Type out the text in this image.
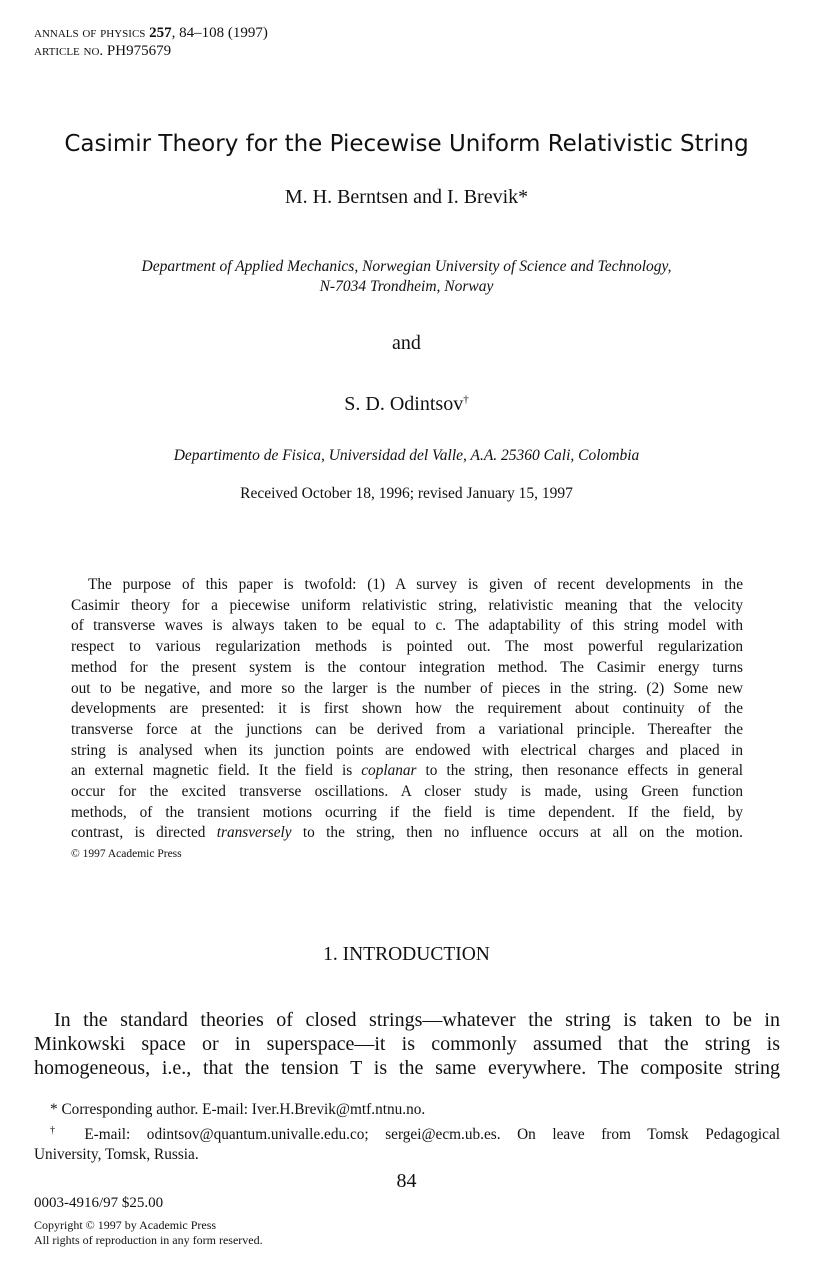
annals of physics 257, 84–108 (1997)
article no. PH975679
Casimir Theory for the Piecewise Uniform Relativistic String
M. H. Berntsen and I. Brevik*
Department of Applied Mechanics, Norwegian University of Science and Technology,
N-7034 Trondheim, Norway
and
S. D. Odintsov†
Departimento de Fisica, Universidad del Valle, A.A. 25360 Cali, Colombia
Received October 18, 1996; revised January 15, 1997
The purpose of this paper is twofold: (1) A survey is given of recent developments in the
Casimir theory for a piecewise uniform relativistic string, relativistic meaning that the velocity
of transverse waves is always taken to be equal to c. The adaptability of this string model with
respect to various regularization methods is pointed out. The most powerful regularization
method for the present system is the contour integration method. The Casimir energy turns
out to be negative, and more so the larger is the number of pieces in the string. (2) Some new
developments are presented: it is first shown how the requirement about continuity of the
transverse force at the junctions can be derived from a variational principle. Thereafter the
string is analysed when its junction points are endowed with electrical charges and placed in
an external magnetic field. It the field is coplanar to the string, then resonance effects in general
occur for the excited transverse oscillations. A closer study is made, using Green function
methods, of the transient motions ocurring if the field is time dependent. If the field, by
contrast, is directed transversely to the string, then no influence occurs at all on the motion.
© 1997 Academic Press
1. INTRODUCTION
In the standard theories of closed strings—whatever the string is taken to be in
Minkowski space or in superspace—it is commonly assumed that the string is
homogeneous, i.e., that the tension T is the same everywhere. The composite string
* Corresponding author. E-mail: Iver.H.Brevik@mtf.ntnu.no.
† E-mail: odintsov@quantum.univalle.edu.co; sergei@ecm.ub.es. On leave from Tomsk Pedagogical
University, Tomsk, Russia.
84
0003-4916/97 $25.00
Copyright © 1997 by Academic Press
All rights of reproduction in any form reserved.
